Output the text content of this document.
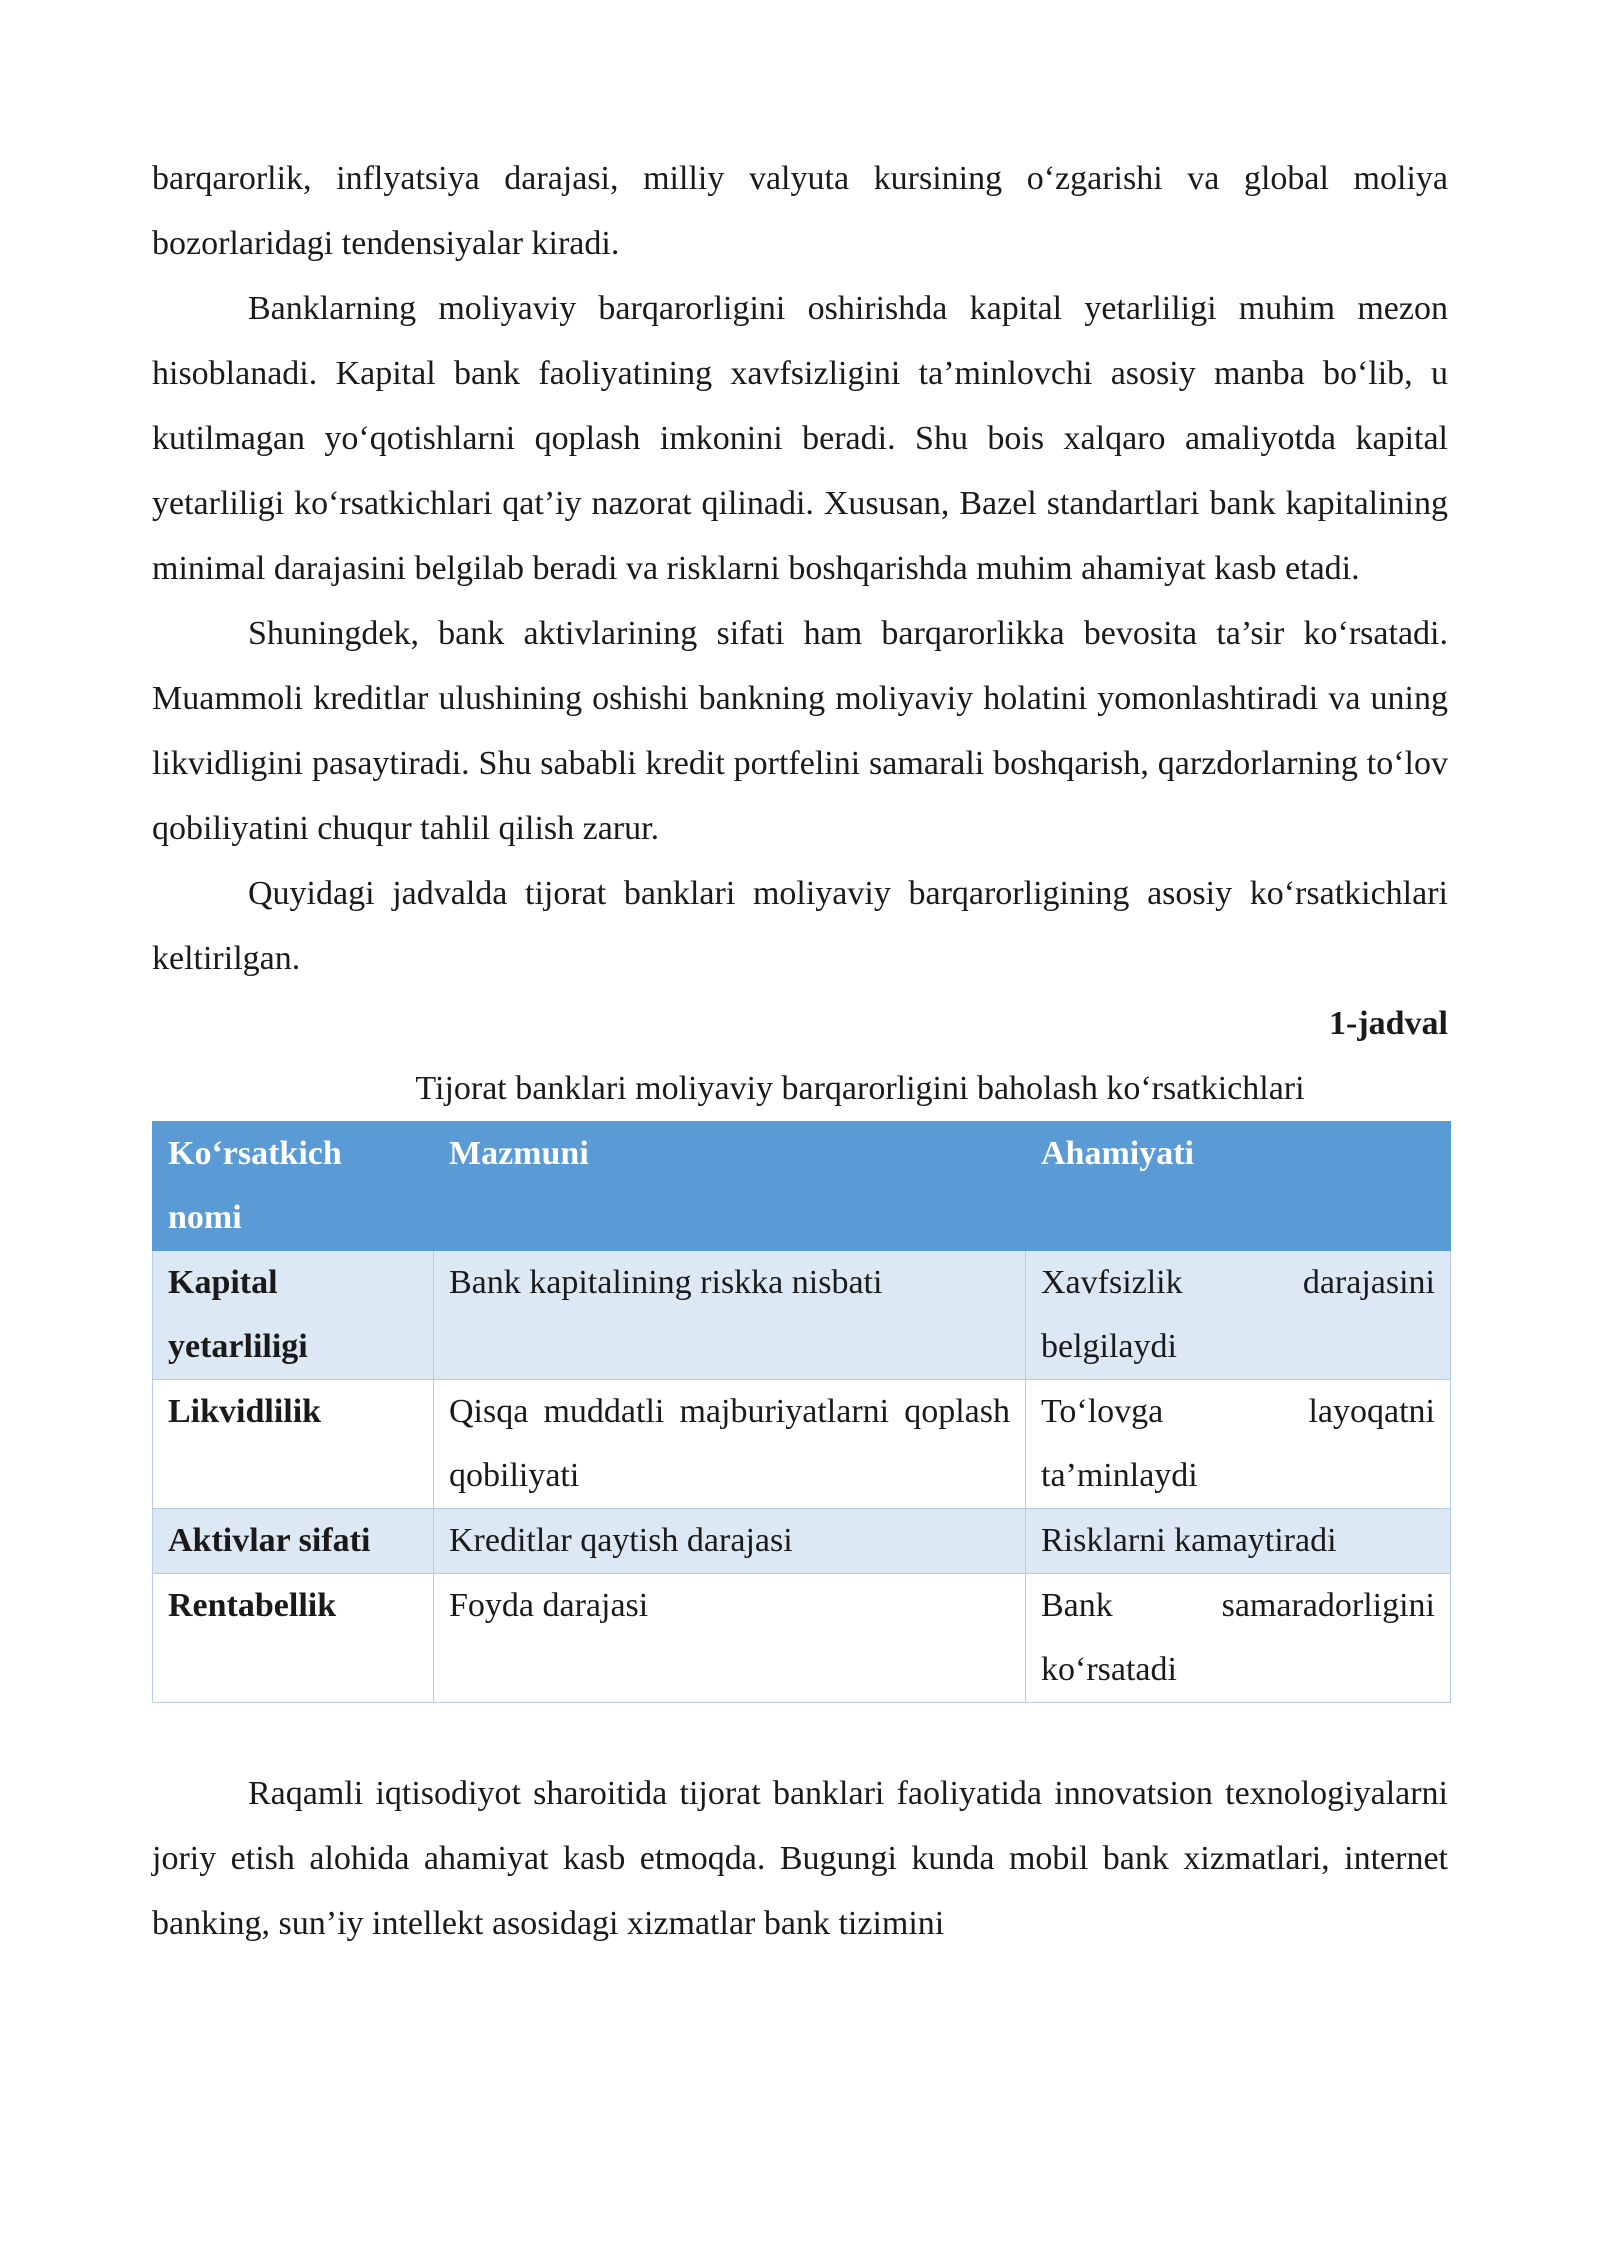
barqarorlik, inflyatsiya darajasi, milliy valyuta kursining o‘zgarishi va global moliya bozorlaridagi tendensiyalar kiradi.

Banklarning moliyaviy barqarorligini oshirishda kapital yetarliligi muhim mezon hisoblanadi. Kapital bank faoliyatining xavfsizligini ta’minlovchi asosiy manba bo‘lib, u kutilmagan yo‘qotishlarni qoplash imkonini beradi. Shu bois xalqaro amaliyotda kapital yetarliligi ko‘rsatkichlari qat’iy nazorat qilinadi. Xususan, Bazel standartlari bank kapitalining minimal darajasini belgilab beradi va risklarni boshqarishda muhim ahamiyat kasb etadi.

Shuningdek, bank aktivlarining sifati ham barqarorlikka bevosita ta’sir ko‘rsatadi. Muammoli kreditlar ulushining oshishi bankning moliyaviy holatini yomonlashtiradi va uning likvidligini pasaytiradi. Shu sababli kredit portfelini samarali boshqarish, qarzdorlarning to‘lov qobiliyatini chuqur tahlil qilish zarur.

Quyidagi jadvalda tijorat banklari moliyaviy barqarorligining asosiy ko‘rsatkichlari keltirilgan.

1-jadval

Tijorat banklari moliyaviy barqarorligini baholash ko‘rsatkichlari

Ko‘rsatkich nomi	Mazmuni	Ahamiyati
Kapital yetarliligi	Bank kapitalining riskka nisbati	Xavfsizlik darajasini belgilaydi
Likvidlilik	Qisqa muddatli majburiyatlarni qoplash qobiliyati	To‘lovga layoqatni ta’minlaydi
Aktivlar sifati	Kreditlar qaytish darajasi	Risklarni kamaytiradi
Rentabellik	Foyda darajasi	Bank samaradorligini ko‘rsatadi

Raqamli iqtisodiyot sharoitida tijorat banklari faoliyatida innovatsion texnologiyalarni joriy etish alohida ahamiyat kasb etmoqda. Bugungi kunda mobil bank xizmatlari, internet banking, sun’iy intellekt asosidagi xizmatlar bank tizimini
